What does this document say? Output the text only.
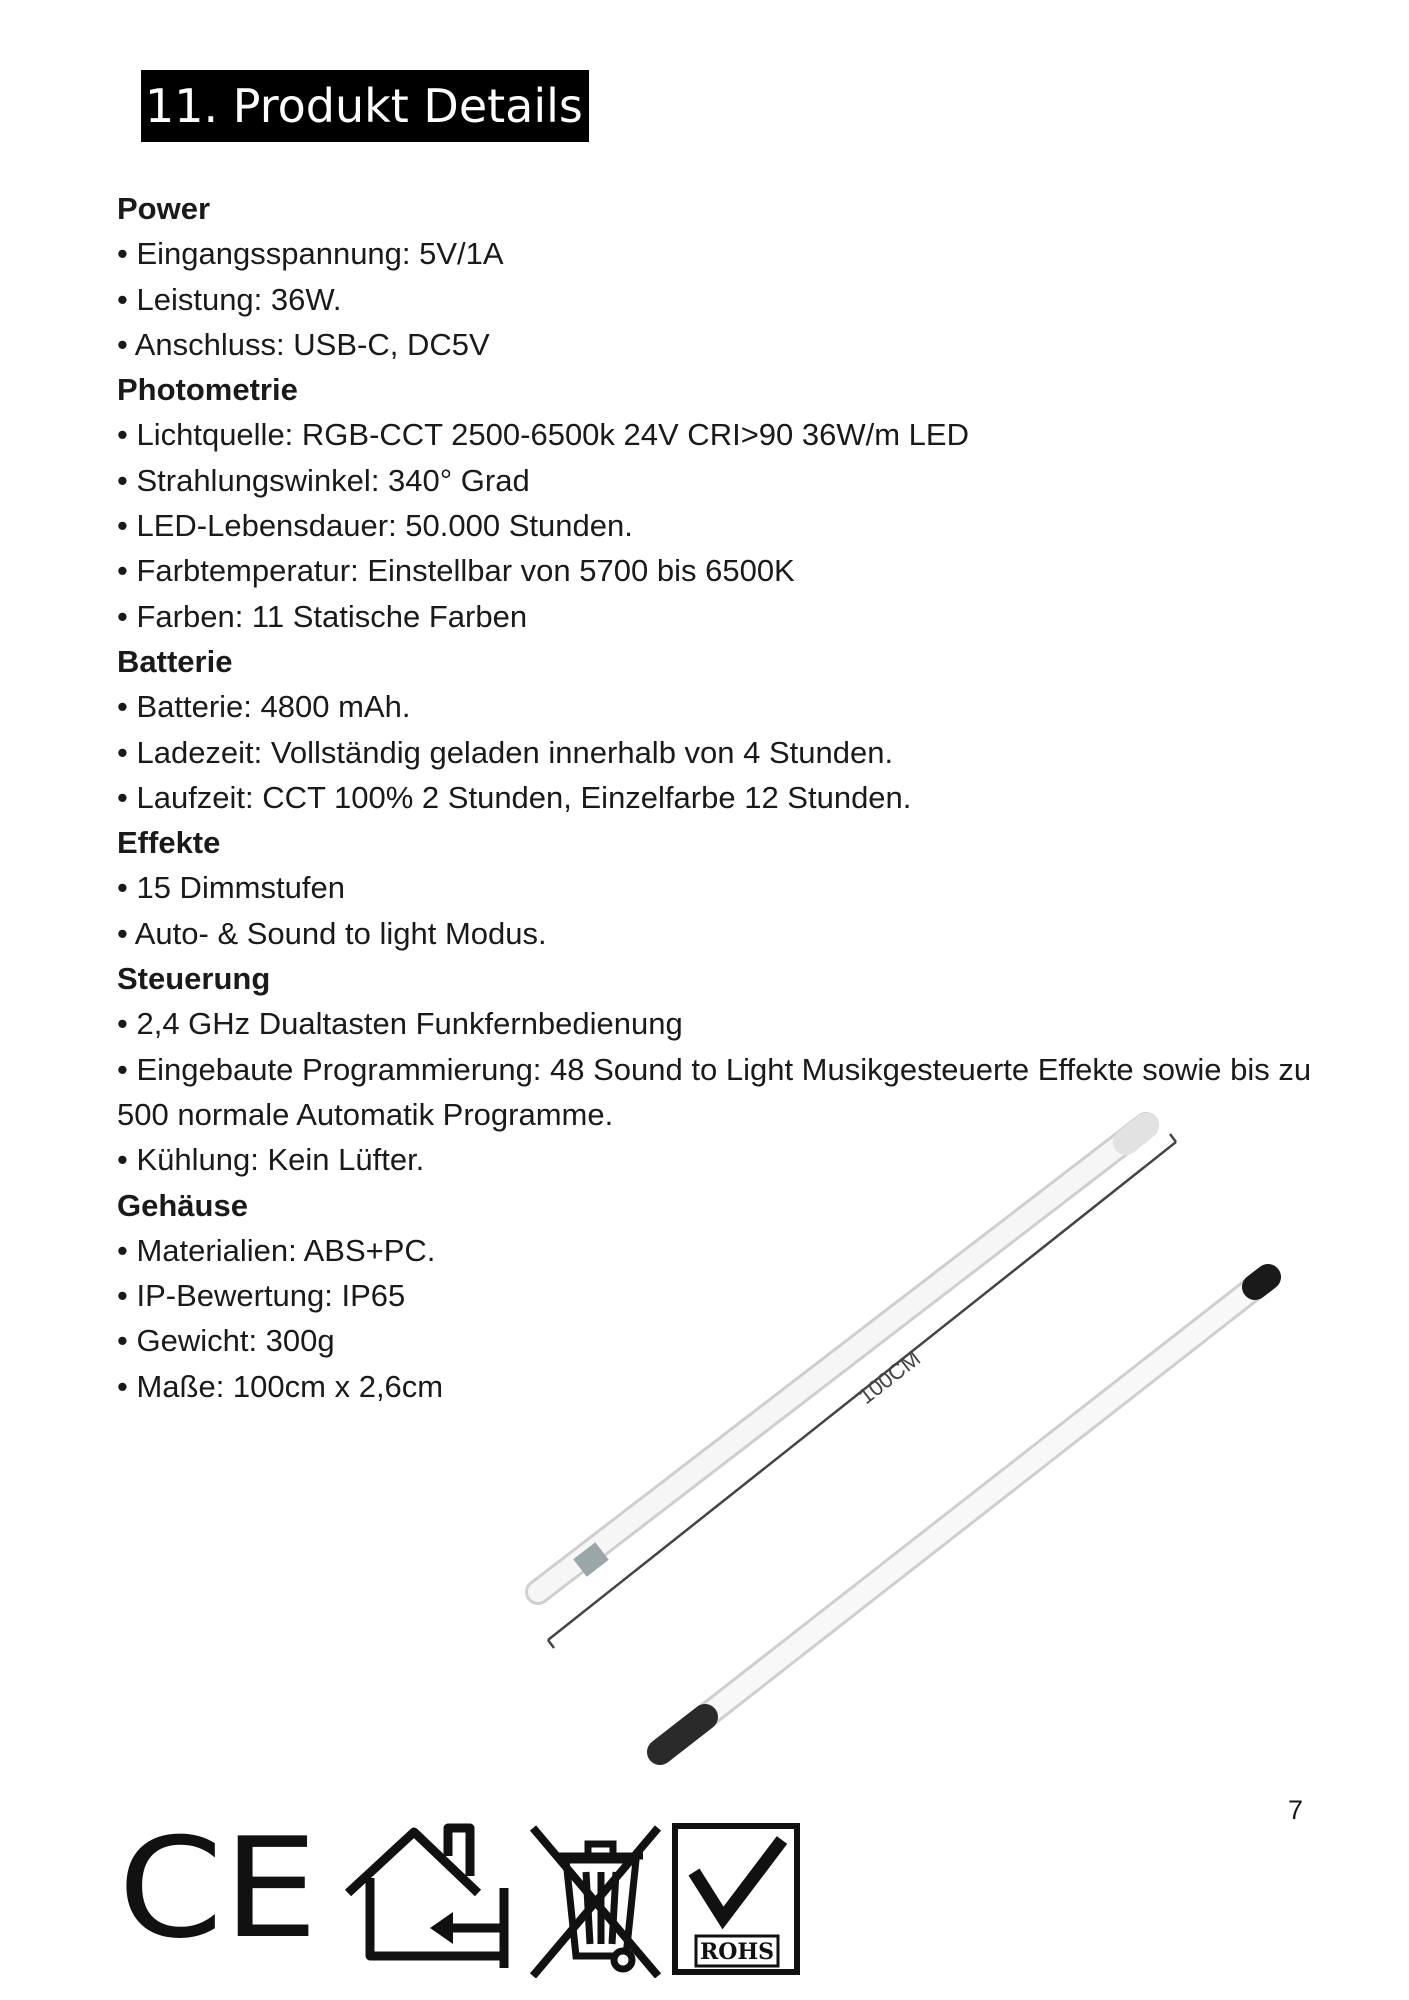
11. Produkt Details
Power
• Eingangsspannung: 5V/1A
• Leistung: 36W.
• Anschluss: USB-C, DC5V
Photometrie
• Lichtquelle: RGB-CCT 2500-6500k 24V CRI>90 36W/m LED
• Strahlungswinkel: 340° Grad
• LED-Lebensdauer: 50.000 Stunden.
• Farbtemperatur: Einstellbar von 5700 bis 6500K
• Farben: 11 Statische Farben
Batterie
• Batterie: 4800 mAh.
• Ladezeit: Vollständig geladen innerhalb von 4 Stunden.
• Laufzeit: CCT 100% 2 Stunden, Einzelfarbe 12 Stunden.
Effekte
• 15 Dimmstufen
• Auto- & Sound to light Modus.
Steuerung
• 2,4 GHz Dualtasten Funkfernbedienung
• Eingebaute Programmierung: 48 Sound to Light Musikgesteuerte Effekte sowie bis zu 500 normale Automatik Programme.
• Kühlung: Kein Lüfter.
Gehäuse
• Materialien: ABS+PC.
• IP-Bewertung: IP65
• Gewicht: 300g
• Maße: 100cm x 2,6cm	100CM
7
CE	ROHS
